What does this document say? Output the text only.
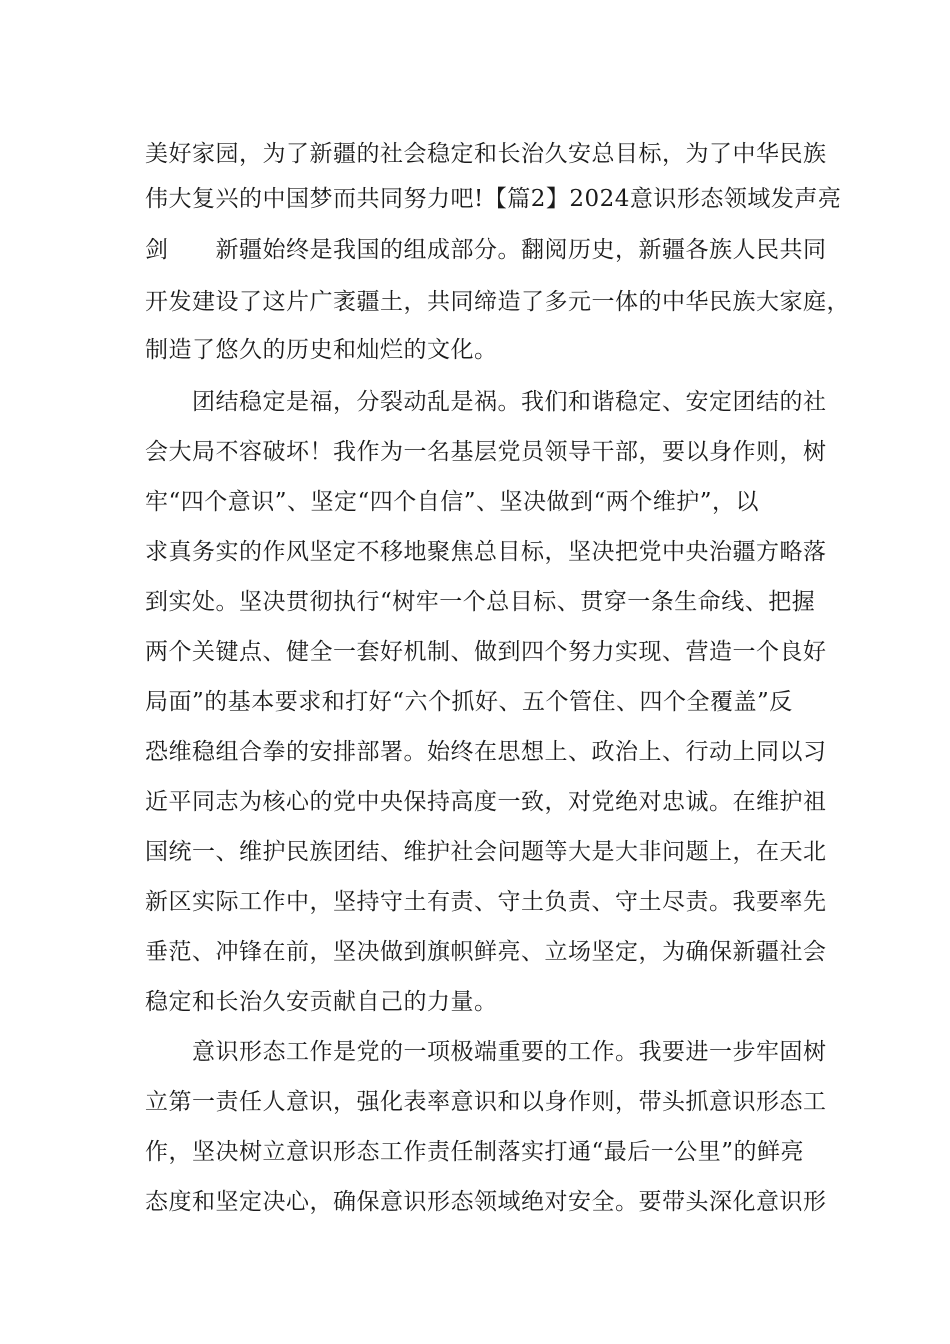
美好家园，为了新疆的社会稳定和长治久安总目标，为了中华民族
伟大复兴的中国梦而共同努力吧!【篇2】2024意识形态领域发声亮
剑　　新疆始终是我国的组成部分。翻阅历史，新疆各族人民共同
开发建设了这片广袤疆土，共同缔造了多元一体的中华民族大家庭，
制造了悠久的历史和灿烂的文化。
团结稳定是福，分裂动乱是祸。我们和谐稳定、安定团结的社
会大局不容破坏！我作为一名基层党员领导干部，要以身作则，树
牢“四个意识”、坚定“四个自信”、坚决做到“两个维护”，以
求真务实的作风坚定不移地聚焦总目标，坚决把党中央治疆方略落
到实处。坚决贯彻执行“树牢一个总目标、贯穿一条生命线、把握
两个关键点、健全一套好机制、做到四个努力实现、营造一个良好
局面”的基本要求和打好“六个抓好、五个管住、四个全覆盖”反
恐维稳组合拳的安排部署。始终在思想上、政治上、行动上同以习
近平同志为核心的党中央保持高度一致，对党绝对忠诚。在维护祖
国统一、维护民族团结、维护社会问题等大是大非问题上，在天北
新区实际工作中，坚持守土有责、守土负责、守土尽责。我要率先
垂范、冲锋在前，坚决做到旗帜鲜亮、立场坚定，为确保新疆社会
稳定和长治久安贡献自己的力量。
意识形态工作是党的一项极端重要的工作。我要进一步牢固树
立第一责任人意识，强化表率意识和以身作则，带头抓意识形态工
作，坚决树立意识形态工作责任制落实打通“最后一公里”的鲜亮
态度和坚定决心，确保意识形态领域绝对安全。要带头深化意识形
